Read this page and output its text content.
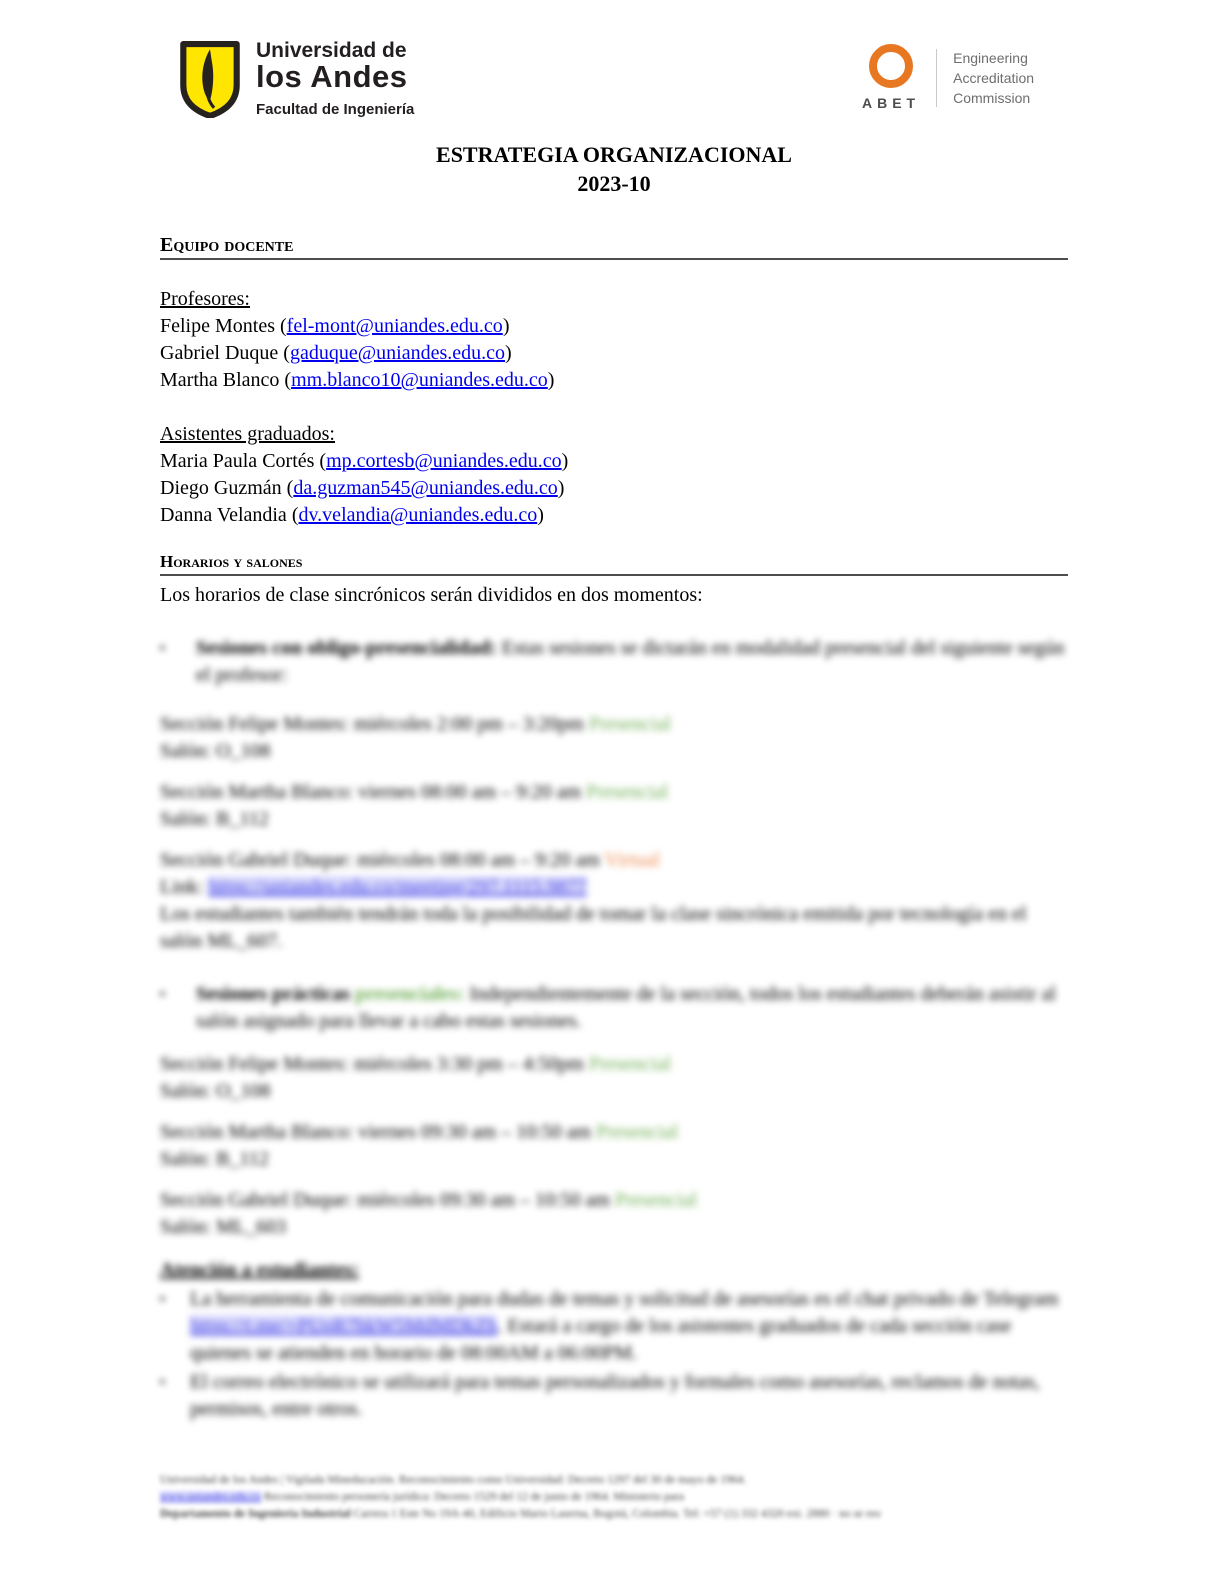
Universidad de
los Andes
Facultad de Ingeniería	ABET
Engineering
Accreditation
Commission
ESTRATEGIA ORGANIZACIONAL
2023-10
Equipo docente
Profesores:
Felipe Montes (fel-mont@uniandes.edu.co)
Gabriel Duque (gaduque@uniandes.edu.co)
Martha Blanco (mm.blanco10@uniandes.edu.co)
Asistentes graduados:
Maria Paula Cortés (mp.cortesb@uniandes.edu.co)
Diego Guzmán (da.guzman545@uniandes.edu.co)
Danna Velandia (dv.velandia@uniandes.edu.co)
Horarios y salones
Los horarios de clase sincrónicos serán divididos en dos momentos:
▪	Sesiones con obligo-presencialidad: Estas sesiones se dictarán en modalidad presencial del siguiente según el profesor:
Sección Felipe Montes: miércoles 2:00 pm – 3:20pm Presencial
Salón: O_108
Sección Martha Blanco: viernes 08:00 am – 9:20 am Presencial
Salón: B_112
Sección Gabriel Duque: miércoles 08:00 am – 9:20 am Virtual
Link: https://uniandes.edu.co/meeting/297.1115.9877
Los estudiantes también tendrán toda la posibilidad de tomar la clase sincrónica emitida por tecnología en el salón ML_607.
▪	Sesiones prácticas presenciales: Independientemente de la sección, todos los estudiantes deberán asistir al salón asignado para llevar a cabo estas sesiones.
Sección Felipe Montes: miércoles 3:30 pm – 4:50pm Presencial
Salón: O_108
Sección Martha Blanco: viernes 09:30 am – 10:50 am Presencial
Salón: B_112
Sección Gabriel Duque: miércoles 09:30 am – 10:50 am Presencial
Salón: ML_603
Atención a estudiantes:
▪	La herramienta de comunicación para dudas de temas y solicitud de asesorías es el chat privado de Telegram https://t.me/+PUqR7hkW5MdMDkZh. Estará a cargo de los asistentes graduados de cada sección case quienes se atienden en horario de 08:00AM a 06:00PM.
▪	El correo electrónico se utilizará para temas personalizados y formales como asesorías, reclamos de notas, permisos, entre otros.
Universidad de los Andes | Vigilada Mineducación. Reconocimiento como Universidad: Decreto 1297 del 30 de mayo de 1964.
www.uniandes.edu.co Reconocimiento personería jurídica: Decreto 1529 del 12 de junio de 1964. Ministerio para
Departamento de Ingeniería Industrial Carrera 1 Este No 19A-40, Edificio Mario Laserna, Bogotá, Colombia. Tel: +57 (1) 332 4320 ext. 2880 · no se reo
